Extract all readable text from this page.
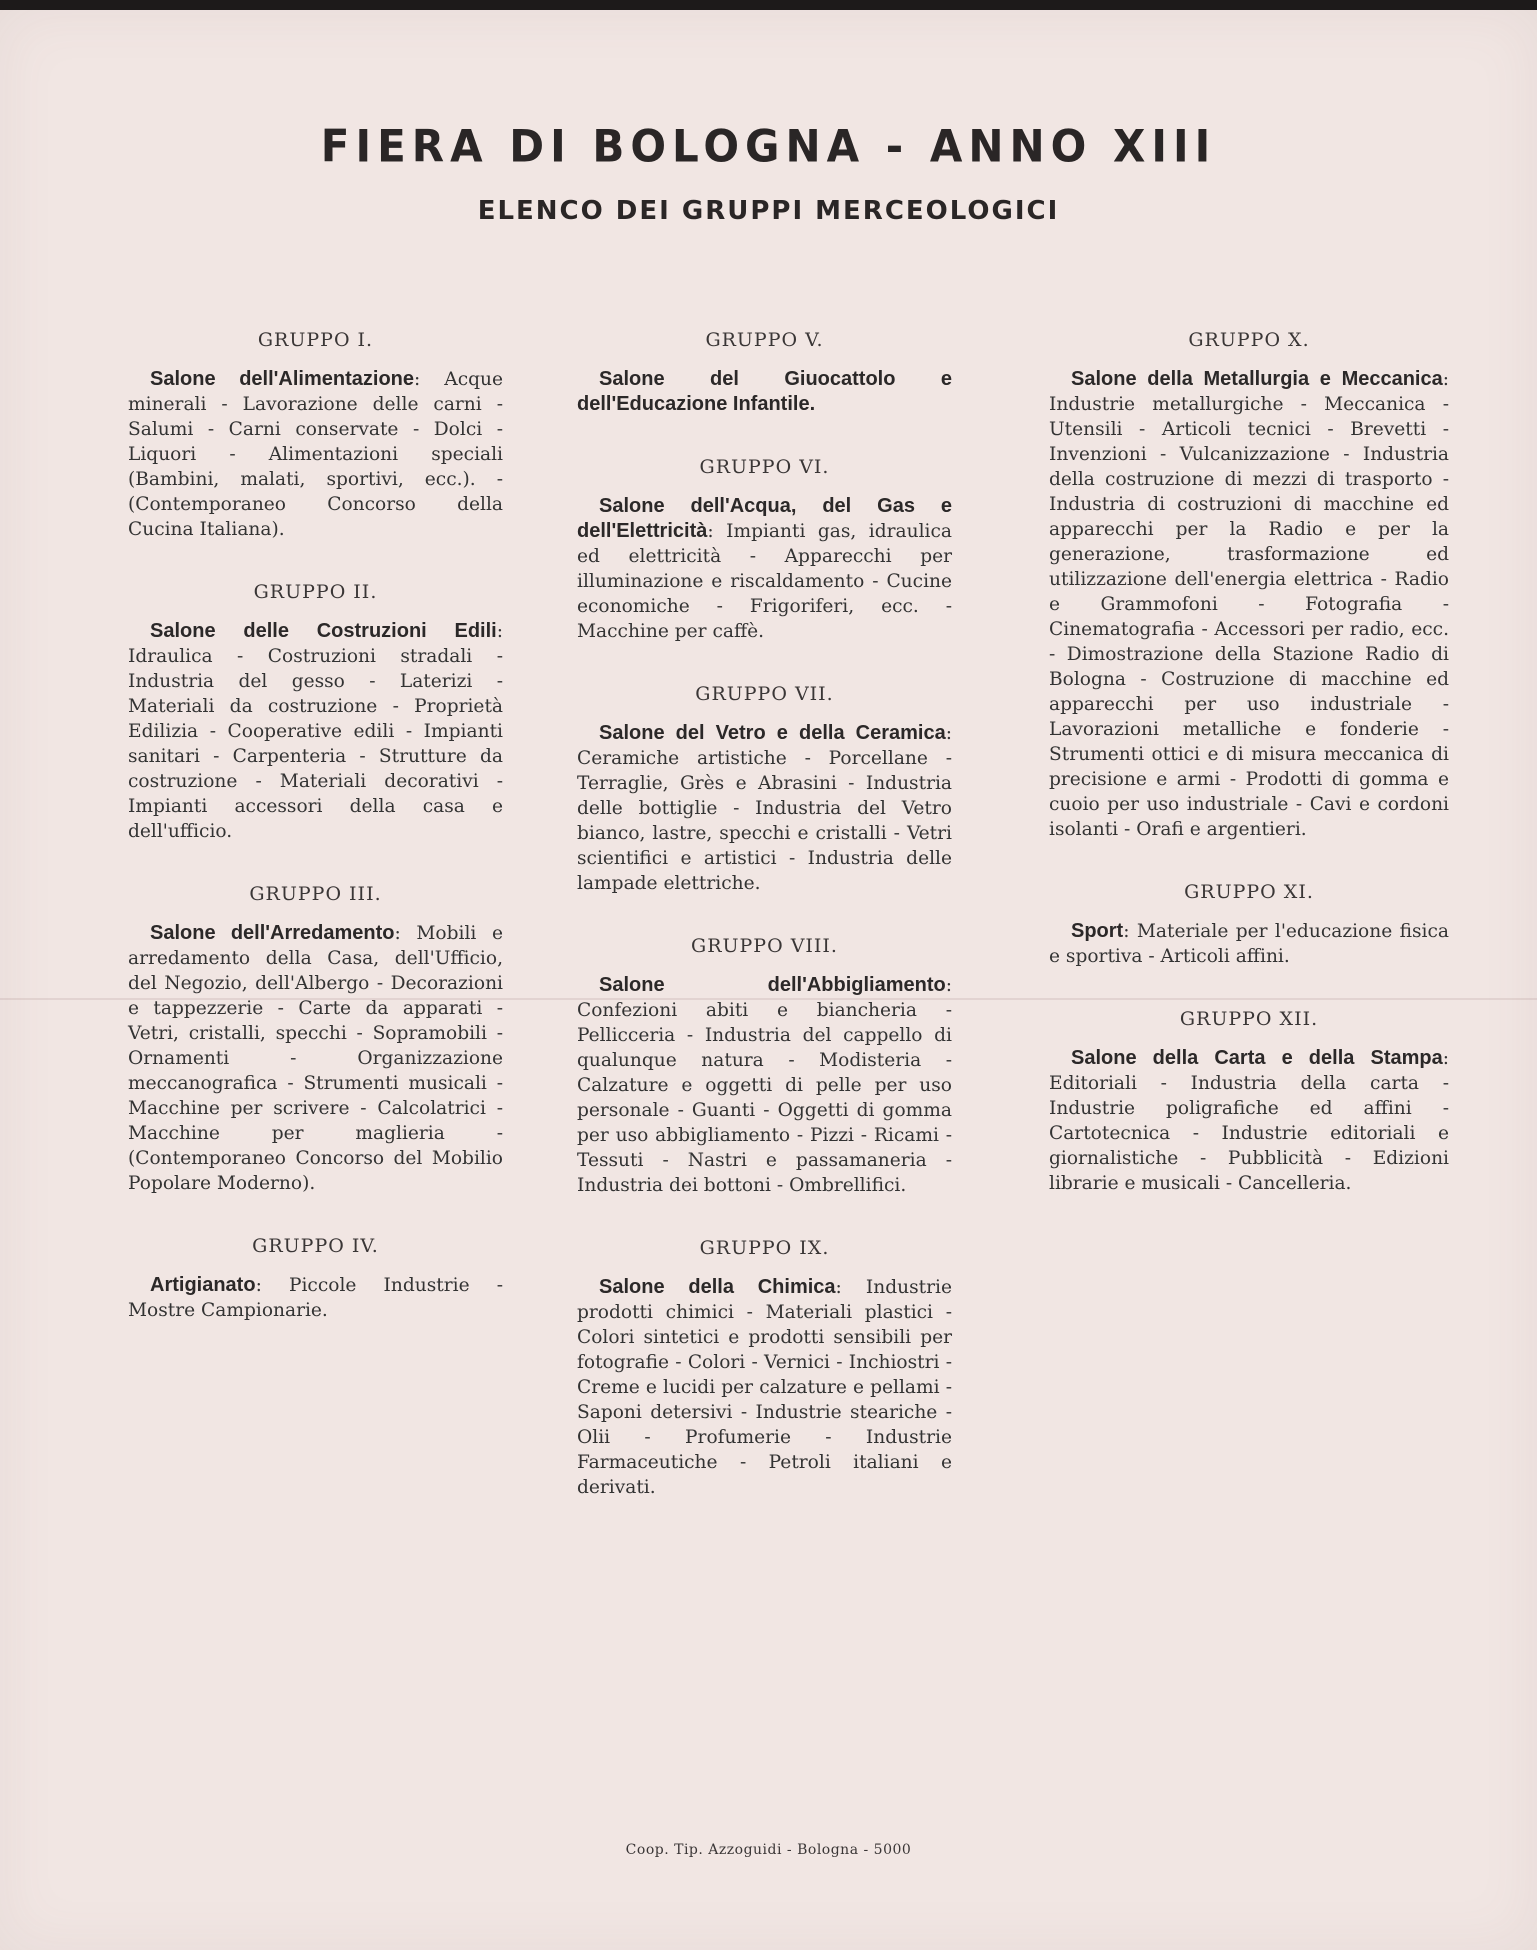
FIERA DI BOLOGNA - ANNO XIII
ELENCO DEI GRUPPI MERCEOLOGICI
GRUPPO I.
Salone dell'Alimentazione: Acque minerali - Lavorazione delle carni - Salumi - Carni conservate - Dolci - Liquori - Alimentazioni speciali (Bambini, malati, sportivi, ecc.). - (Contemporaneo Concorso della Cucina Italiana).
GRUPPO II.
Salone delle Costruzioni Edili: Idraulica - Costruzioni stradali - Industria del gesso - Laterizi - Materiali da costruzione - Proprietà Edilizia - Cooperative edili - Impianti sanitari - Carpenteria - Strutture da costruzione - Materiali decorativi - Impianti accessori della casa e dell'ufficio.
GRUPPO III.
Salone dell'Arredamento: Mobili e arredamento della Casa, dell'Ufficio, del Negozio, dell'Albergo - Decorazioni e tappezzerie - Carte da apparati - Vetri, cristalli, specchi - Sopramobili - Ornamenti - Organizzazione meccanografica - Strumenti musicali - Macchine per scrivere - Calcolatrici - Macchine per maglieria - (Contemporaneo Concorso del Mobilio Popolare Moderno).
GRUPPO IV.
Artigianato: Piccole Industrie - Mostre Campionarie.
GRUPPO V.
Salone del Giuocattolo e dell'Educazione Infantile.
GRUPPO VI.
Salone dell'Acqua, del Gas e dell'Elettricità: Impianti gas, idraulica ed elettricità - Apparecchi per illuminazione e riscaldamento - Cucine economiche - Frigoriferi, ecc. - Macchine per caffè.
GRUPPO VII.
Salone del Vetro e della Ceramica: Ceramiche artistiche - Porcellane - Terraglie, Grès e Abrasini - Industria delle bottiglie - Industria del Vetro bianco, lastre, specchi e cristalli - Vetri scientifici e artistici - Industria delle lampade elettriche.
GRUPPO VIII.
Salone dell'Abbigliamento: Confezioni abiti e biancheria - Pellicceria - Industria del cappello di qualunque natura - Modisteria - Calzature e oggetti di pelle per uso personale - Guanti - Oggetti di gomma per uso abbigliamento - Pizzi - Ricami - Tessuti - Nastri e passamaneria - Industria dei bottoni - Ombrellifici.
GRUPPO IX.
Salone della Chimica: Industrie prodotti chimici - Materiali plastici - Colori sintetici e prodotti sensibili per fotografie - Colori - Vernici - Inchiostri - Creme e lucidi per calzature e pellami - Saponi detersivi - Industrie steariche - Olii - Profumerie - Industrie Farmaceutiche - Petroli italiani e derivati.
GRUPPO X.
Salone della Metallurgia e Meccanica: Industrie metallurgiche - Meccanica - Utensili - Articoli tecnici - Brevetti - Invenzioni - Vulcanizzazione - Industria della costruzione di mezzi di trasporto - Industria di costruzioni di macchine ed apparecchi per la Radio e per la generazione, trasformazione ed utilizzazione dell'energia elettrica - Radio e Grammofoni - Fotografia - Cinematografia - Accessori per radio, ecc. - Dimostrazione della Stazione Radio di Bologna - Costruzione di macchine ed apparecchi per uso industriale - Lavorazioni metalliche e fonderie - Strumenti ottici e di misura meccanica di precisione e armi - Prodotti di gomma e cuoio per uso industriale - Cavi e cordoni isolanti - Orafi e argentieri.
GRUPPO XI.
Sport: Materiale per l'educazione fisica e sportiva - Articoli affini.
GRUPPO XII.
Salone della Carta e della Stampa: Editoriali - Industria della carta - Industrie poligrafiche ed affini - Cartotecnica - Industrie editoriali e giornalistiche - Pubblicità - Edizioni librarie e musicali - Cancelleria.
Coop. Tip. Azzoguidi - Bologna - 5000
